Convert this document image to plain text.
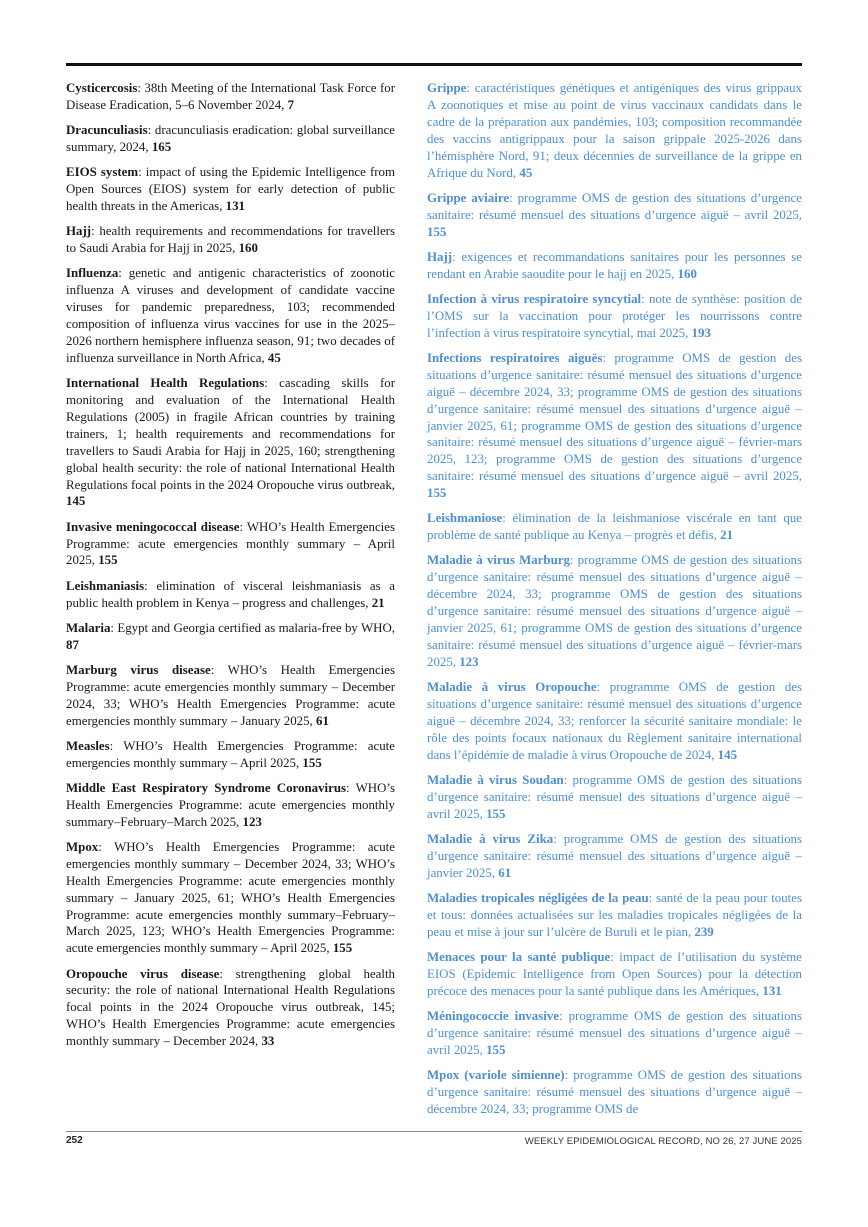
Cysticercosis: 38th Meeting of the International Task Force for Disease Eradication, 5–6 November 2024, 7

Dracunculiasis: dracunculiasis eradication: global surveillance summary, 2024, 165

EIOS system: impact of using the Epidemic Intelligence from Open Sources (EIOS) system for early detection of public health threats in the Americas, 131

Hajj: health requirements and recommendations for travellers to Saudi Arabia for Hajj in 2025, 160

Influenza: genetic and antigenic characteristics of zoonotic influenza A viruses and development of candidate vaccine viruses for pandemic preparedness, 103; recommended composition of influenza virus vaccines for use in the 2025–2026 northern hemisphere influenza season, 91; two decades of influenza surveillance in North Africa, 45

International Health Regulations: cascading skills for monitoring and evaluation of the International Health Regulations (2005) in fragile African countries by training trainers, 1; health requirements and recommendations for travellers to Saudi Arabia for Hajj in 2025, 160; strengthening global health security: the role of national International Health Regulations focal points in the 2024 Oropouche virus outbreak, 145

Invasive meningococcal disease: WHO’s Health Emergencies Programme: acute emergencies monthly summary – April 2025, 155

Leishmaniasis: elimination of visceral leishmaniasis as a public health problem in Kenya – progress and challenges, 21

Malaria: Egypt and Georgia certified as malaria-free by WHO, 87

Marburg virus disease: WHO’s Health Emergencies Programme: acute emergencies monthly summary – December 2024, 33; WHO’s Health Emergencies Programme: acute emergencies monthly summary – January 2025, 61

Measles: WHO’s Health Emergencies Programme: acute emergencies monthly summary – April 2025, 155

Middle East Respiratory Syndrome Coronavirus: WHO’s Health Emergencies Programme: acute emergencies monthly summary–February–March 2025, 123

Mpox: WHO’s Health Emergencies Programme: acute emergencies monthly summary – December 2024, 33; WHO’s Health Emergencies Programme: acute emergencies monthly summary – January 2025, 61; WHO’s Health Emergencies Programme: acute emergencies monthly summary–February–March 2025, 123; WHO’s Health Emergencies Programme: acute emergencies monthly summary – April 2025, 155

Oropouche virus disease: strengthening global health security: the role of national International Health Regulations focal points in the 2024 Oropouche virus outbreak, 145; WHO’s Health Emergencies Programme: acute emergencies monthly summary – December 2024, 33

Grippe: caractéristiques génétiques et antigéniques des virus grippaux A zoonotiques et mise au point de virus vaccinaux candidats dans le cadre de la préparation aux pandémies, 103; composition recommandée des vaccins antigrippaux pour la saison grippale 2025-2026 dans l’hémisphère Nord, 91; deux décennies de surveillance de la grippe en Afrique du Nord, 45

Grippe aviaire: programme OMS de gestion des situations d’urgence sanitaire: résumé mensuel des situations d’urgence aiguë – avril 2025, 155

Hajj: exigences et recommandations sanitaires pour les personnes se rendant en Arabie saoudite pour le hajj en 2025, 160

Infection à virus respiratoire syncytial: note de synthèse: position de l’OMS sur la vaccination pour protéger les nourrissons contre l’infection à virus respiratoire syncytial, mai 2025, 193

Infections respiratoires aiguës: programme OMS de gestion des situations d’urgence sanitaire: résumé mensuel des situations d’urgence aiguë – décembre 2024, 33; programme OMS de gestion des situations d’urgence sanitaire: résumé mensuel des situations d’urgence aiguë – janvier 2025, 61; programme OMS de gestion des situations d’urgence sanitaire: résumé mensuel des situations d’urgence aiguë – février-mars 2025, 123; programme OMS de gestion des situations d’urgence sanitaire: résumé mensuel des situations d’urgence aiguë – avril 2025, 155

Leishmaniose: élimination de la leishmaniose viscérale en tant que problème de santé publique au Kenya – progrès et défis, 21

Maladie à virus Marburg: programme OMS de gestion des situations d’urgence sanitaire: résumé mensuel des situations d’urgence aiguë – décembre 2024, 33; programme OMS de gestion des situations d’urgence sanitaire: résumé mensuel des situations d’urgence aiguë – janvier 2025, 61; programme OMS de gestion des situations d’urgence sanitaire: résumé mensuel des situations d’urgence aiguë – février-mars 2025, 123

Maladie à virus Oropouche: programme OMS de gestion des situations d’urgence sanitaire: résumé mensuel des situations d’urgence aiguë – décembre 2024, 33; renforcer la sécurité sanitaire mondiale: le rôle des points focaux nationaux du Règlement sanitaire international dans l’épidémie de maladie à virus Oropouche de 2024, 145

Maladie à virus Soudan: programme OMS de gestion des situations d’urgence sanitaire: résumé mensuel des situations d’urgence aiguë – avril 2025, 155

Maladie à virus Zika: programme OMS de gestion des situations d’urgence sanitaire: résumé mensuel des situations d’urgence aiguë – janvier 2025, 61

Maladies tropicales négligées de la peau: santé de la peau pour toutes et tous: données actualisées sur les maladies tropicales négligées de la peau et mise à jour sur l’ulcère de Buruli et le pian, 239

Menaces pour la santé publique: impact de l’utilisation du système EIOS (Epidemic Intelligence from Open Sources) pour la détection précoce des menaces pour la santé publique dans les Amériques, 131

Méningococcie invasive: programme OMS de gestion des situations d’urgence sanitaire: résumé mensuel des situations d’urgence aiguë – avril 2025, 155

Mpox (variole simienne): programme OMS de gestion des situations d’urgence sanitaire: résumé mensuel des situations d’urgence aiguë – décembre 2024, 33; programme OMS de

252	WEEKLY EPIDEMIOLOGICAL RECORD, NO 26, 27 JUNE 2025
